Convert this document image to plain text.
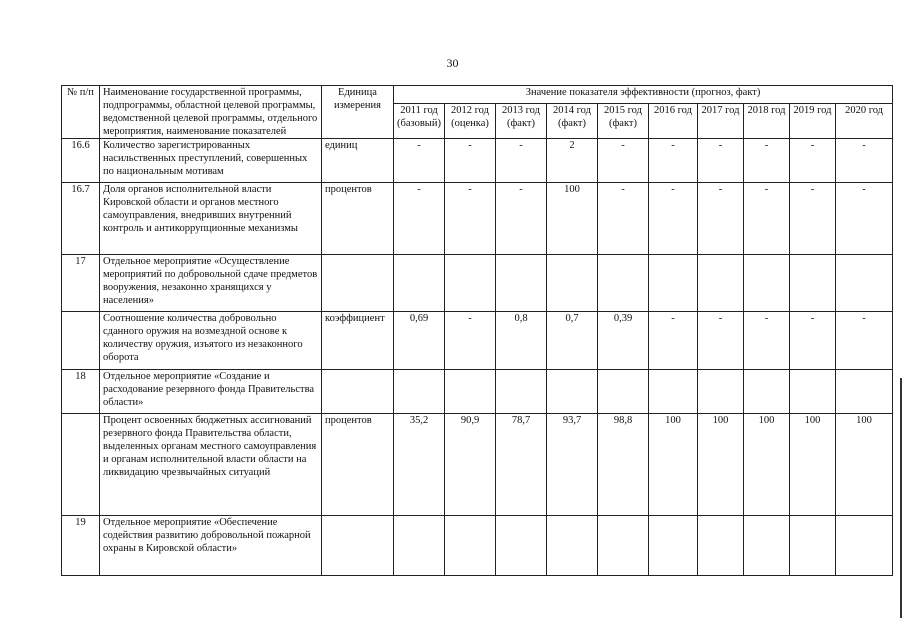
30
№ п/п	Наименование государственной программы, подпрограммы, областной целевой программы, ведомственной целевой программы, отдельного мероприятия, наименование показателей	Единица измерения	Значение показателя эффективности (прогноз, факт)									
			2011 год (базовый)	2012 год (оценка)	2013 год (факт)	2014 год (факт)	2015 год (факт)	2016 год	2017 год	2018 год	2019 год	2020 год
16.6	Количество зарегистрированных насильственных преступлений, совершенных по национальным мотивам	единиц	-	-	-	2	-	-	-	-	-	-
16.7	Доля органов исполнительной власти Кировской области и органов местного самоуправления, внедривших внутренний контроль и антикоррупционные механизмы	процентов	-	-	-	100	-	-	-	-	-	-
17	Отдельное мероприятие «Осуществление мероприятий по добровольной сдаче предметов вооружения, незаконно хранящихся у населения»											
	Соотношение количества добровольно сданного оружия на возмездной основе к количеству оружия, изъятого из незаконного оборота	коэффициент	0,69	-	0,8	0,7	0,39	-	-	-	-	-
18	Отдельное мероприятие «Создание и расходование резервного фонда Правительства области»											
	Процент освоенных бюджетных ассигнований резервного фонда Правительства области, выделенных органам местного самоуправления и органам исполнительной власти области на ликвидацию чрезвычайных ситуаций	процентов	35,2	90,9	78,7	93,7	98,8	100	100	100	100	100
19	Отдельное мероприятие «Обеспечение содействия развитию добровольной пожарной охраны в Кировской области»											
